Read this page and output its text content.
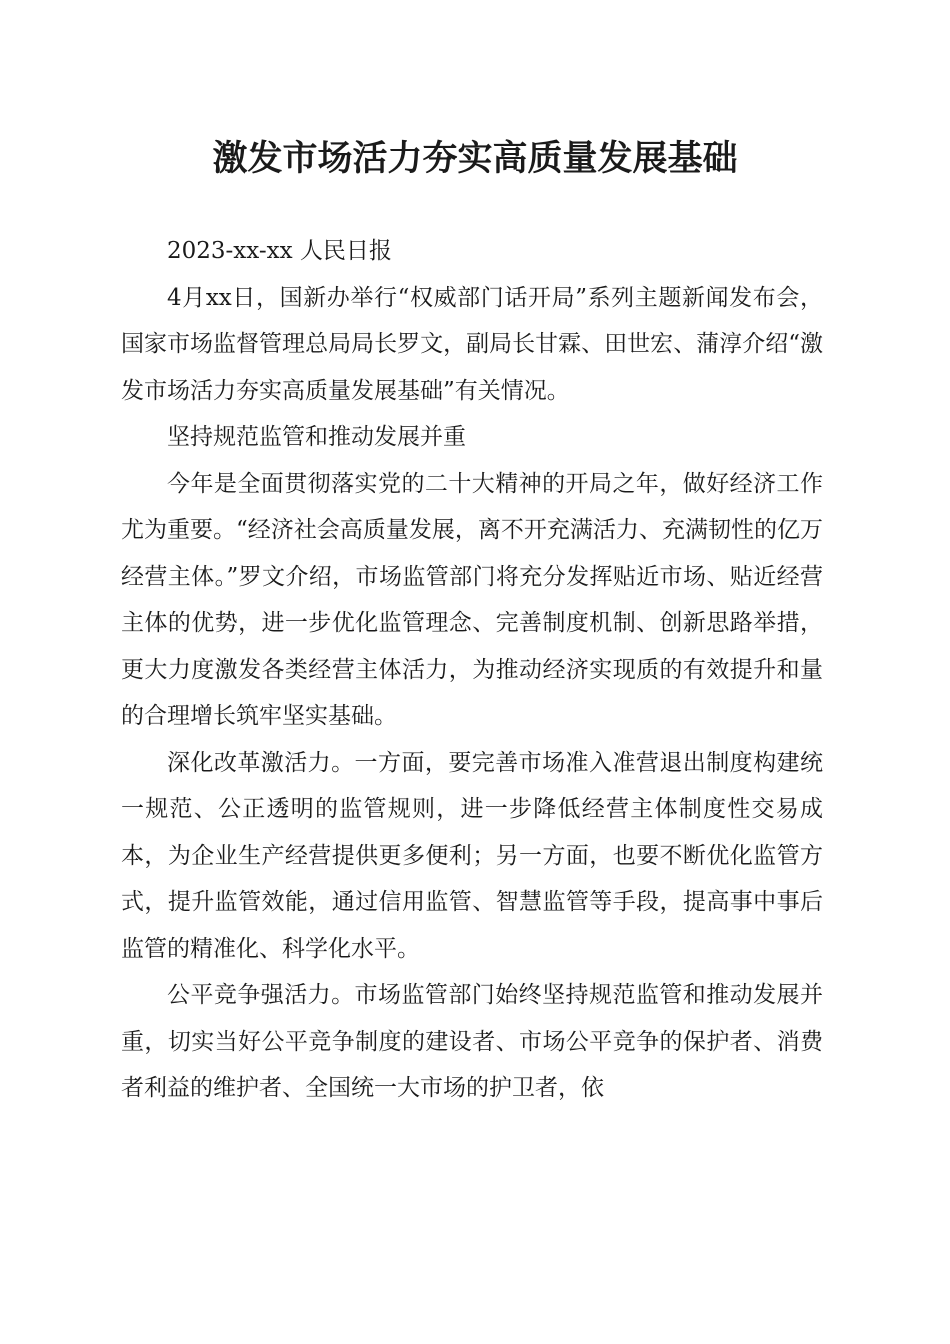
激发市场活力夯实高质量发展基础

2023-xx-xx 人民日报

4月xx日，国新办举行“权威部门话开局”系列主题新闻发布会，国家市场监督管理总局局长罗文，副局长甘霖、田世宏、蒲淳介绍“激发市场活力夯实高质量发展基础”有关情况。

坚持规范监管和推动发展并重

今年是全面贯彻落实党的二十大精神的开局之年，做好经济工作尤为重要。“经济社会高质量发展，离不开充满活力、充满韧性的亿万经营主体。”罗文介绍，市场监管部门将充分发挥贴近市场、贴近经营主体的优势，进一步优化监管理念、完善制度机制、创新思路举措，更大力度激发各类经营主体活力，为推动经济实现质的有效提升和量的合理增长筑牢坚实基础。

深化改革激活力。一方面，要完善市场准入准营退出制度构建统一规范、公正透明的监管规则，进一步降低经营主体制度性交易成本，为企业生产经营提供更多便利；另一方面，也要不断优化监管方式，提升监管效能，通过信用监管、智慧监管等手段，提高事中事后监管的精准化、科学化水平。

公平竞争强活力。市场监管部门始终坚持规范监管和推动发展并重，切实当好公平竞争制度的建设者、市场公平竞争的保护者、消费者利益的维护者、全国统一大市场的护卫者，依
